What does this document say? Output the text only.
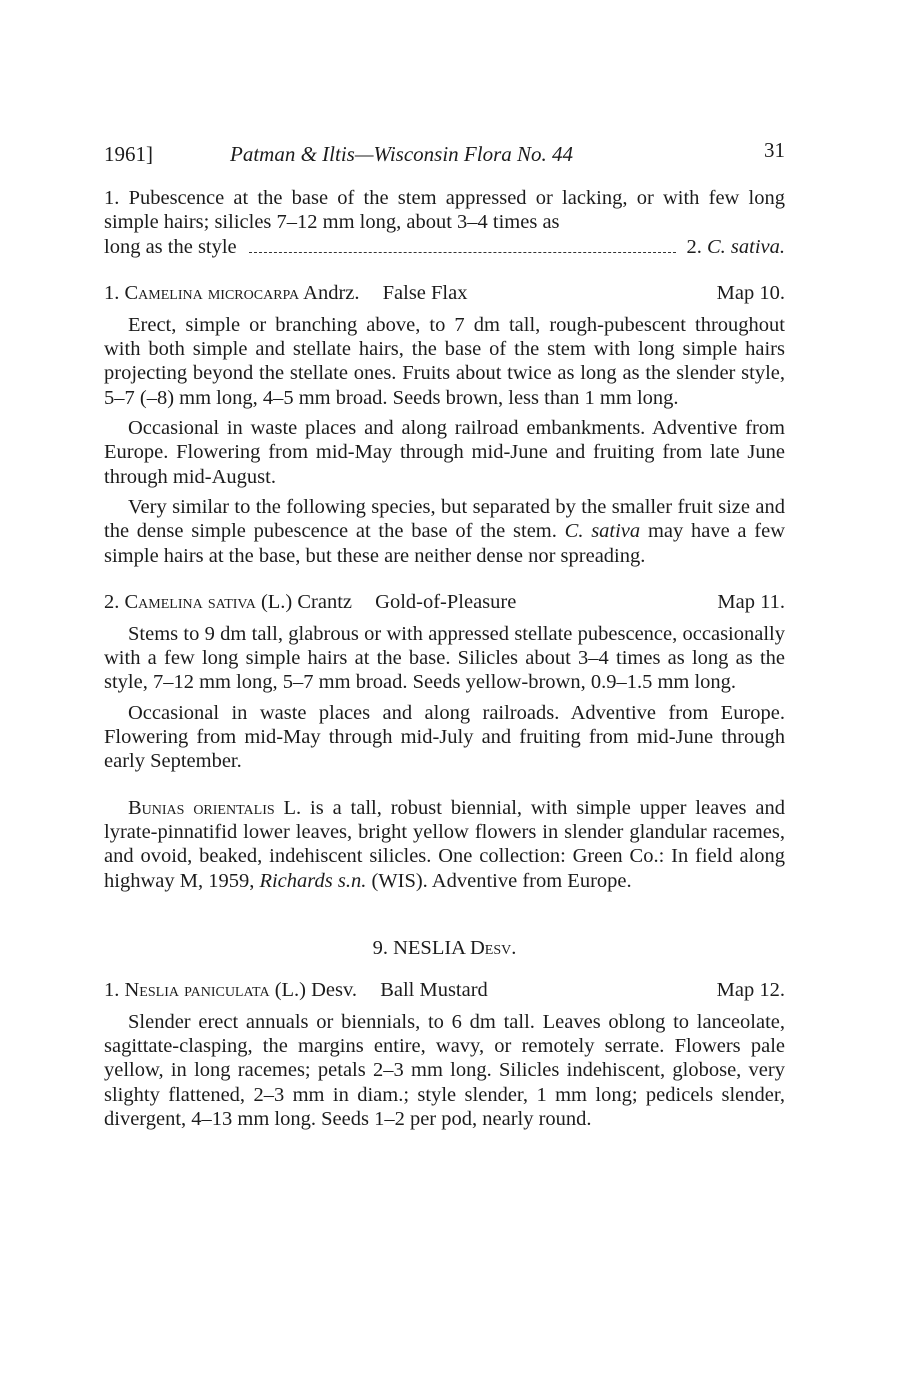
1961]	Patman & Iltis—Wisconsin Flora No. 44	31

1. Pubescence at the base of the stem appressed or lacking, or with few long simple hairs; silicles 7–12 mm long, about 3–4 times as

long as the style	2. C. sativa.
1. Camelina microcarpa Andrz. False Flax	Map 10.

Erect, simple or branching above, to 7 dm tall, rough-pubescent throughout with both simple and stellate hairs, the base of the stem with long simple hairs projecting beyond the stellate ones. Fruits about twice as long as the slender style, 5–7 (–8) mm long, 4–5 mm broad. Seeds brown, less than 1 mm long.

Occasional in waste places and along railroad embankments. Adventive from Europe. Flowering from mid-May through mid-June and fruiting from late June through mid-August.

Very similar to the following species, but separated by the smaller fruit size and the dense simple pubescence at the base of the stem. C. sativa may have a few simple hairs at the base, but these are neither dense nor spreading.

2. Camelina sativa (L.) Crantz Gold-of-Pleasure	Map 11.

Stems to 9 dm tall, glabrous or with appressed stellate pubescence, occasionally with a few long simple hairs at the base. Silicles about 3–4 times as long as the style, 7–12 mm long, 5–7 mm broad. Seeds yellow-brown, 0.9–1.5 mm long.

Occasional in waste places and along railroads. Adventive from Europe. Flowering from mid-May through mid-July and fruiting from mid-June through early September.

Bunias orientalis L. is a tall, robust biennial, with simple upper leaves and lyrate-pinnatifid lower leaves, bright yellow flowers in slender glandular racemes, and ovoid, beaked, indehiscent silicles. One collection: Green Co.: In field along highway M, 1959, Richards s.n. (WIS). Adventive from Europe.

9. NESLIA Desv.
1. Neslia paniculata (L.) Desv. Ball Mustard	Map 12.

Slender erect annuals or biennials, to 6 dm tall. Leaves oblong to lanceolate, sagittate-clasping, the margins entire, wavy, or remotely serrate. Flowers pale yellow, in long racemes; petals 2–3 mm long. Silicles indehiscent, globose, very slighty flattened, 2–3 mm in diam.; style slender, 1 mm long; pedicels slender, divergent, 4–13 mm long. Seeds 1–2 per pod, nearly round.
